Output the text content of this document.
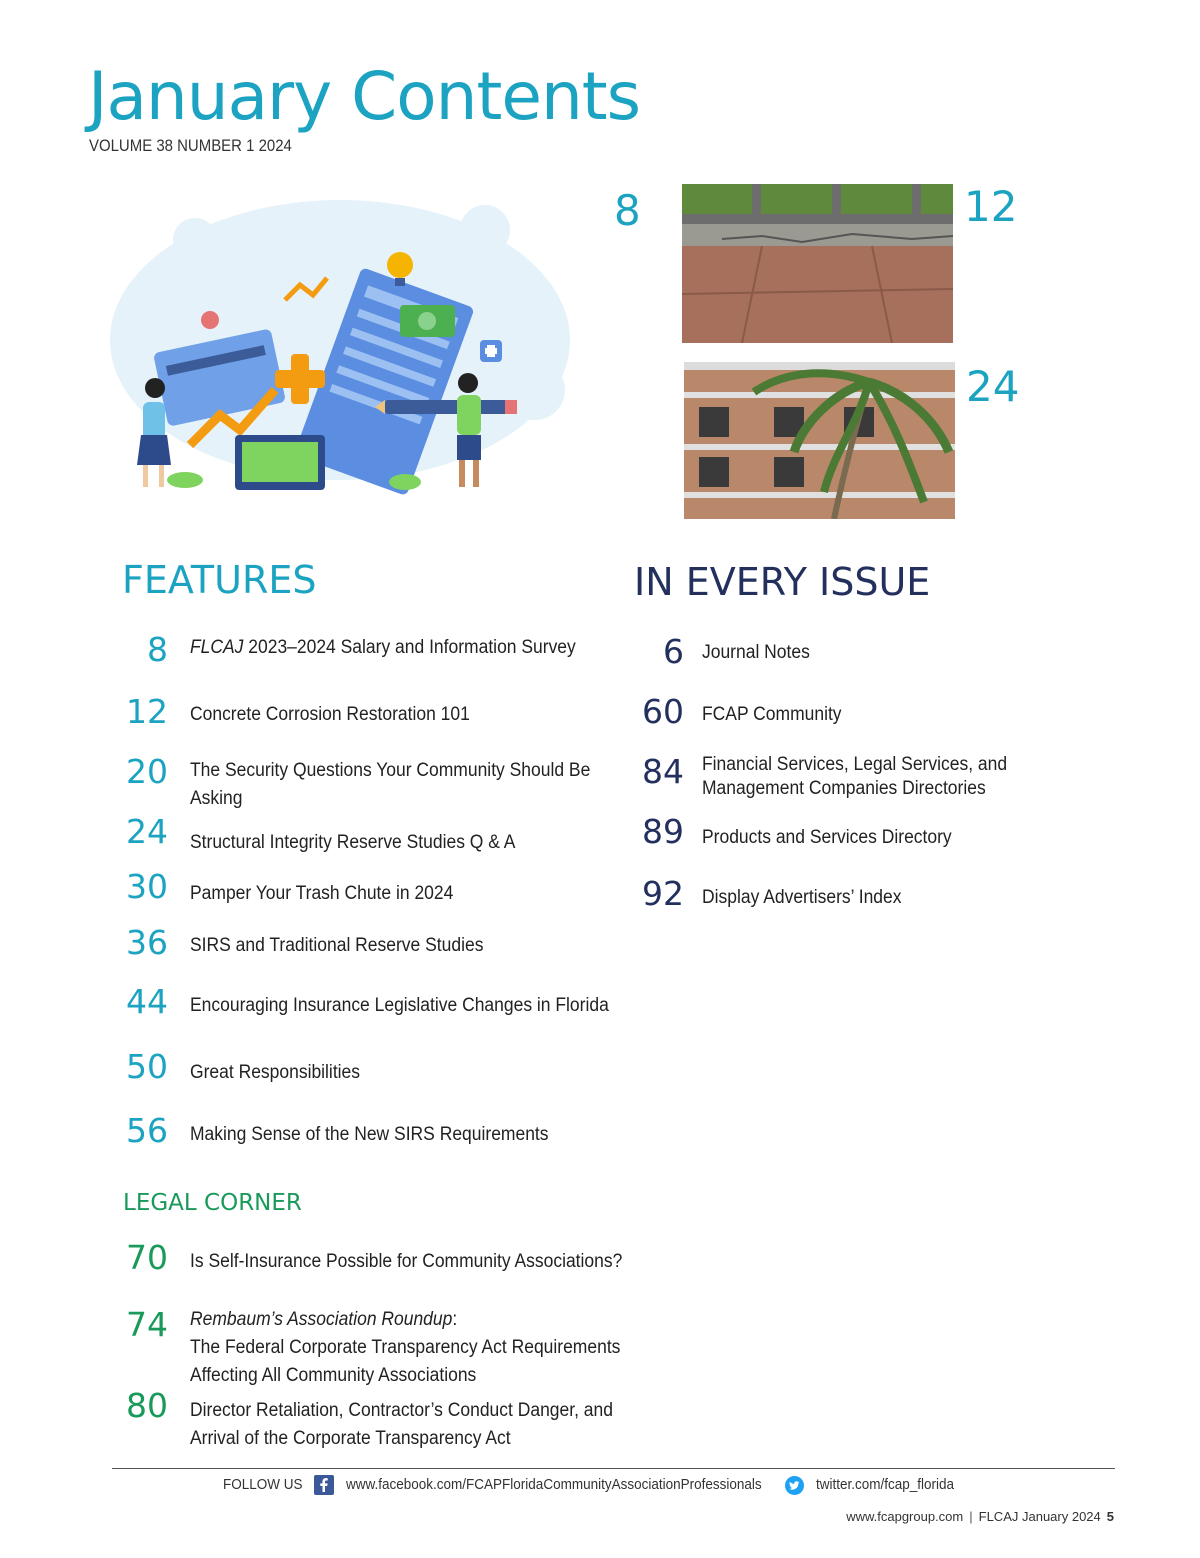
January Contents
VOLUME 38 NUMBER 1 2024
8	12
24
FEATURES
8 FLCAJ 2023–2024 Salary and Information Survey
12 Concrete Corrosion Restoration 101
20 The Security Questions Your Community Should Be
Asking
24 Structural Integrity Reserve Studies Q & A
30 Pamper Your Trash Chute in 2024
36 SIRS and Traditional Reserve Studies
44 Encouraging Insurance Legislative Changes in Florida
50 Great Responsibilities
56 Making Sense of the New SIRS Requirements
LEGAL CORNER
70 Is Self-Insurance Possible for Community Associations?
74 Rembaum’s Association Roundup:
The Federal Corporate Transparency Act Requirements
Affecting All Community Associations
80 Director Retaliation, Contractor’s Conduct Danger, and
Arrival of the Corporate Transparency Act
IN EVERY ISSUE
6 Journal Notes
60 FCAP Community
84 Financial Services, Legal Services, and
Management Companies Directories
89 Products and Services Directory
92 Display Advertisers’ Index
FOLLOW US	www.facebook.com/FCAPFloridaCommunityAssociationProfessionals	twitter.com/fcap_florida
www.fcapgroup.com | FLCAJ January 2024 5
